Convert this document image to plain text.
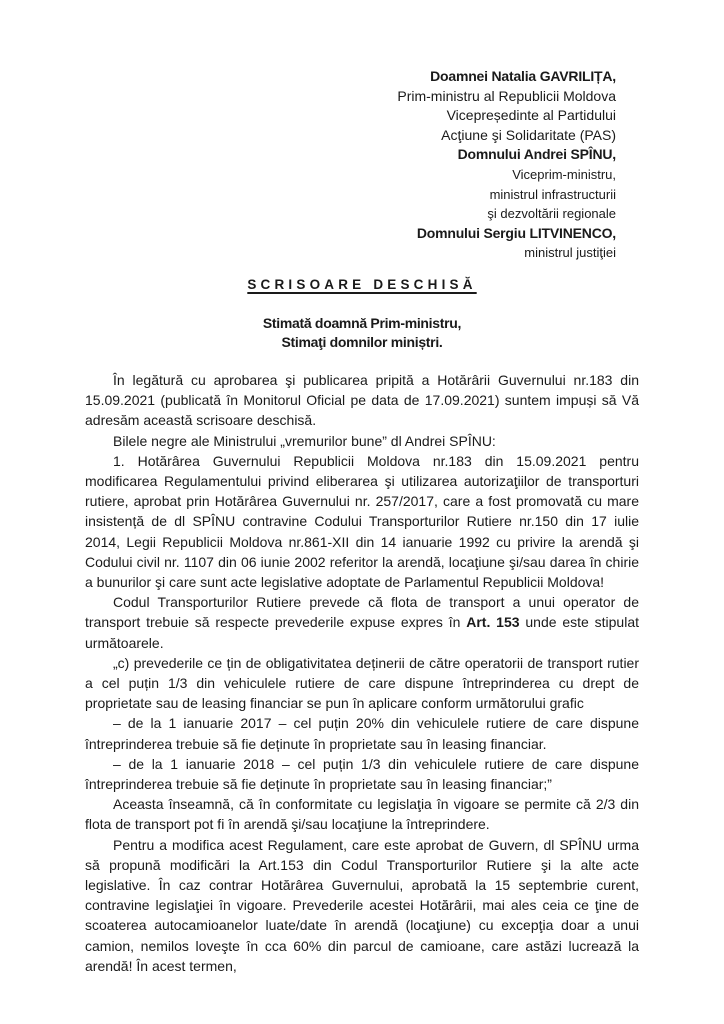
Doamnei Natalia GAVRILIȚA,
Prim-ministru al Republicii Moldova
Vicepreședinte al Partidului
Acţiune şi Solidaritate (PAS)
Domnului Andrei SPÎNU,
Viceprim-ministru,
ministrul infrastructurii
şi dezvoltării regionale
Domnului Sergiu LITVINENCO,
ministrul justiţiei
SCRISOARE DESCHISĂ
Stimată doamnă Prim-ministru,
Stimaţi domnilor miniștri.

În legătură cu aprobarea şi publicarea pripită a Hotărârii Guvernului nr.183 din 15.09.2021 (publicată în Monitorul Oficial pe data de 17.09.2021) suntem impuși să Vă adresăm această scrisoare deschisă.

Bilele negre ale Ministrului „vremurilor bune” dl Andrei SPÎNU:

1. Hotărârea Guvernului Republicii Moldova nr.183 din 15.09.2021 pentru modificarea Regulamentului privind eliberarea şi utilizarea autorizaţiilor de transporturi rutiere, aprobat prin Hotărârea Guvernului nr. 257/2017, care a fost promovată cu mare insistență de dl SPÎNU contravine Codului Transporturilor Rutiere nr.150 din 17 iulie 2014, Legii Republicii Moldova nr.861-XII din 14 ianuarie 1992 cu privire la arendă şi Codului civil nr. 1107 din 06 iunie 2002 referitor la arendă, locaţiune şi/sau darea în chirie a bunurilor şi care sunt acte legislative adoptate de Parlamentul Republicii Moldova!

Codul Transporturilor Rutiere prevede că flota de transport a unui operator de transport trebuie să respecte prevederile expuse expres în Art. 153 unde este stipulat următoarele.

„c) prevederile ce țin de obligativitatea deținerii de către operatorii de transport rutier a cel puțin 1/3 din vehiculele rutiere de care dispune întreprinderea cu drept de proprietate sau de leasing financiar se pun în aplicare conform următorului grafic

– de la 1 ianuarie 2017 – cel puțin 20% din vehiculele rutiere de care dispune întreprinderea trebuie să fie deținute în proprietate sau în leasing financiar.

– de la 1 ianuarie 2018 – cel puțin 1/3 din vehiculele rutiere de care dispune întreprinderea trebuie să fie deținute în proprietate sau în leasing financiar;”

Aceasta înseamnă, că în conformitate cu legislaţia în vigoare se permite că 2/3 din flota de transport pot fi în arendă şi/sau locaţiune la întreprindere.

Pentru a modifica acest Regulament, care este aprobat de Guvern, dl SPÎNU urma să propună modificări la Art.153 din Codul Transporturilor Rutiere şi la alte acte legislative. În caz contrar Hotărârea Guvernului, aprobată la 15 septembrie curent, contravine legislaţiei în vigoare. Prevederile acestei Hotărârii, mai ales ceia ce ţine de scoaterea autocamioanelor luate/date în arendă (locaţiune) cu excepţia doar a unui camion, nemilos loveşte în cca 60% din parcul de camioane, care astăzi lucrează la arendă! În acest termen,
